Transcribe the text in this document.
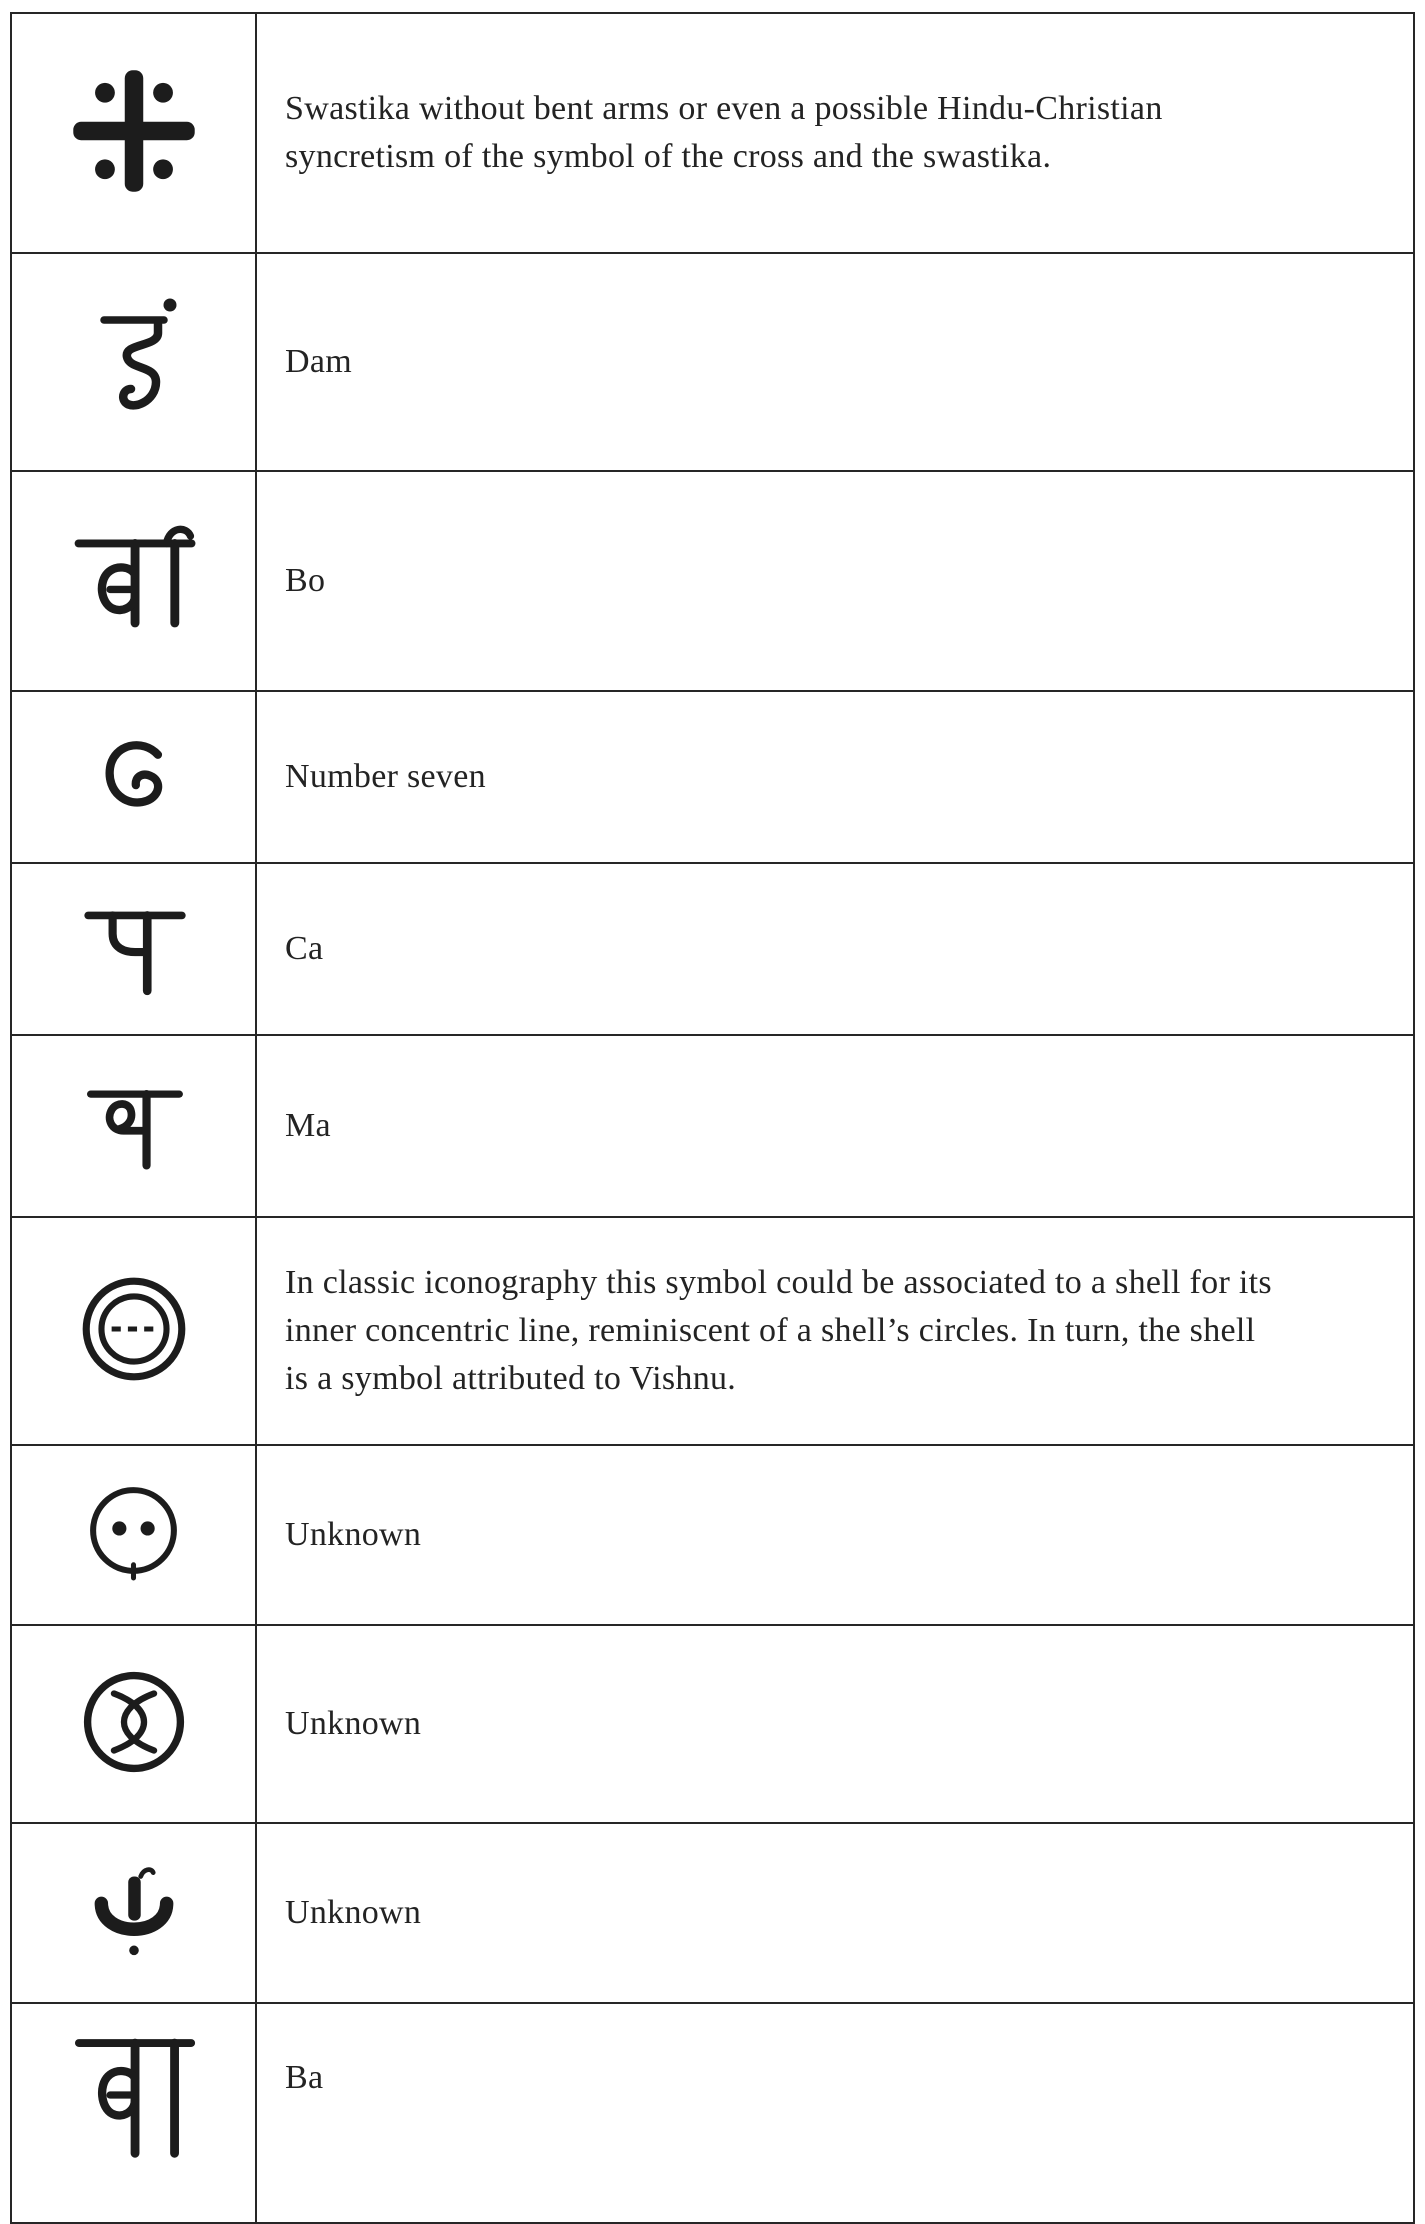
Swastika without bent arms or even a possible Hindu-Christian syncretism of the symbol of the cross and the swastika.

Dam

Bo

Number seven

Ca

Ma

In classic iconography this symbol could be associated to a shell for its inner concentric line, reminiscent of a shell’s circles. In turn, the shell is a symbol attributed to Vishnu.

Unknown

Unknown

Unknown

Ba
